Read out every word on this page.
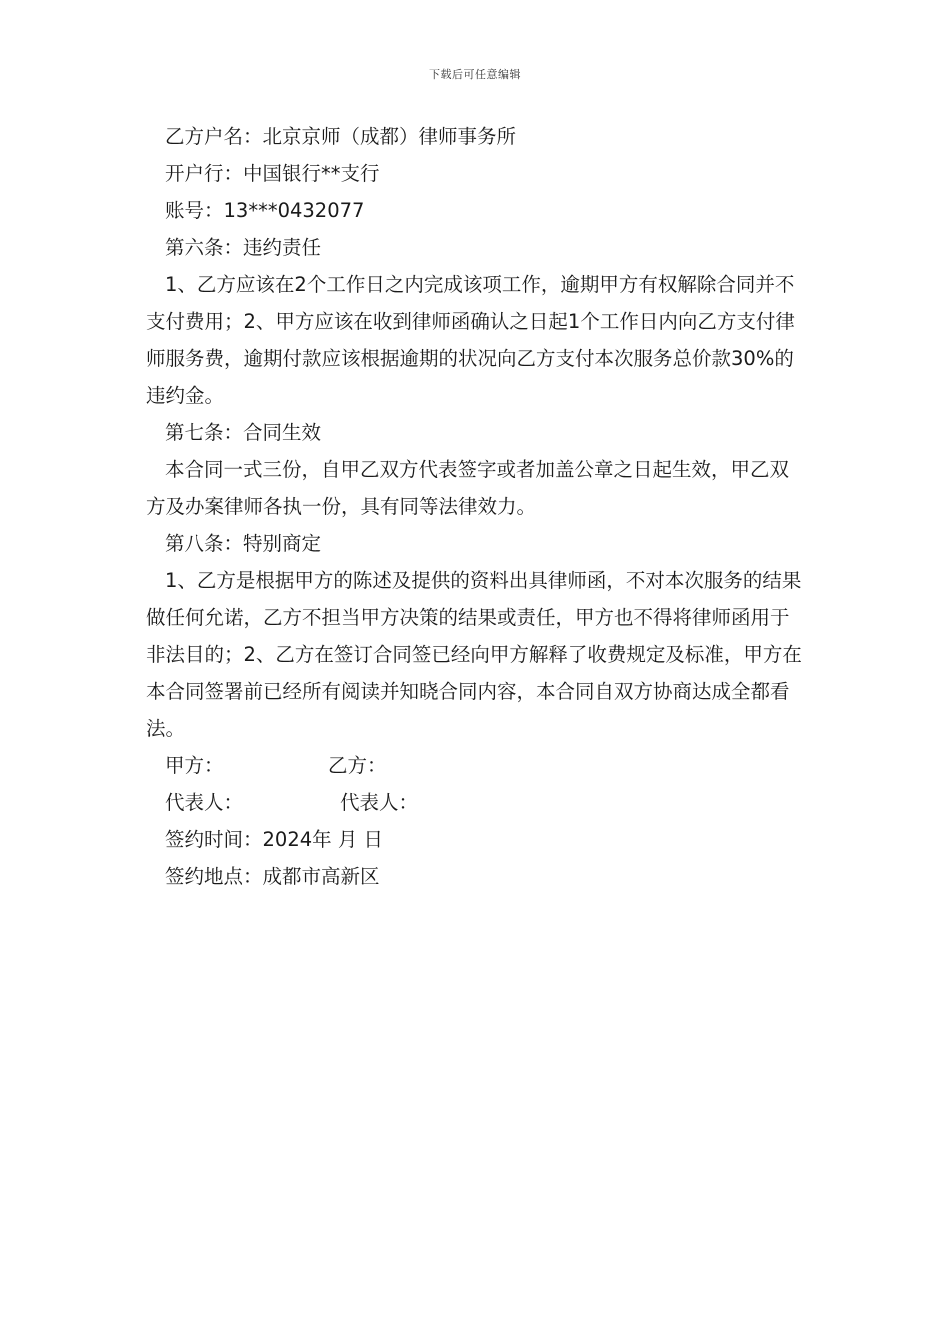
下载后可任意编辑

乙方户名：北京京师（成都）律师事务所

开户行：中国银行**支行

账号：13***0432077

第六条：违约责任

1、乙方应该在2个工作日之内完成该项工作，逾期甲方有权解除合同并不支付费用；2、甲方应该在收到律师函确认之日起1个工作日内向乙方支付律师服务费，逾期付款应该根据逾期的状况向乙方支付本次服务总价款30%的违约金。

第七条：合同生效

本合同一式三份，自甲乙双方代表签字或者加盖公章之日起生效，甲乙双方及办案律师各执一份，具有同等法律效力。

第八条：特别商定

1、乙方是根据甲方的陈述及提供的资料出具律师函，不对本次服务的结果做任何允诺，乙方不担当甲方决策的结果或责任，甲方也不得将律师函用于非法目的；2、乙方在签订合同签已经向甲方解释了收费规定及标准，甲方在本合同签署前已经所有阅读并知晓合同内容，本合同自双方协商达成全都看法。

甲方：	乙方：
代表人：	代表人：

签约时间：2024年 月 日

签约地点：成都市高新区
